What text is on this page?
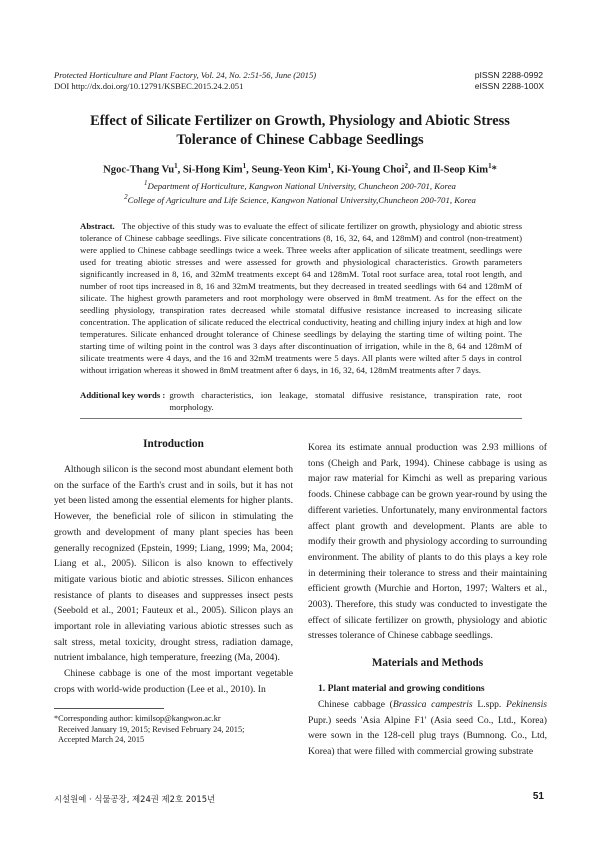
Protected Horticulture and Plant Factory, Vol. 24, No. 2:51-56, June (2015)
DOI http://dx.doi.org/10.12791/KSBEC.2015.24.2.051
pISSN 2288-0992
eISSN 2288-100X
Effect of Silicate Fertilizer on Growth, Physiology and Abiotic Stress
Tolerance of Chinese Cabbage Seedlings
Ngoc-Thang Vu$^1$, Si-Hong Kim$^1$, Seung-Yeon Kim$^1$, Ki-Young Choi$^2$, and Il-Seop Kim$^1$*
$^1$Department of Horticulture, Kangwon National University, Chuncheon 200-701, Korea
$^2$College of Agriculture and Life Science, Kangwon National University,Chuncheon 200-701, Korea
Abstract. The objective of this study was to evaluate the effect of silicate fertilizer on growth, physiology and abiotic stress tolerance of Chinese cabbage seedlings. Five silicate concentrations (8, 16, 32, 64, and 128mM) and control (non-treatment) were applied to Chinese cabbage seedlings twice a week. Three weeks after application of silicate treatment, seedlings were used for treating abiotic stresses and were assessed for growth and physiological characteristics. Growth parameters significantly increased in 8, 16, and 32mM treatments except 64 and 128mM. Total root surface area, total root length, and number of root tips increased in 8, 16 and 32mM treatments, but they decreased in treated seedlings with 64 and 128mM of silicate. The highest growth parameters and root morphology were observed in 8mM treatment. As for the effect on the seedling physiology, transpiration rates decreased while stomatal diffusive resistance increased to increasing silicate concentration. The application of silicate reduced the electrical conductivity, heating and chilling injury index at high and low temperatures. Silicate enhanced drought tolerance of Chinese seedlings by delaying the starting time of wilting point. The starting time of wilting point in the control was 3 days after discontinuation of irrigation, while in the 8, 64 and 128mM of silicate treatments were 4 days, and the 16 and 32mM treatments were 5 days. All plants were wilted after 5 days in control without irrigation whereas it showed in 8mM treatment after 6 days, in 16, 32, 64, 128mM treatments after 7 days.
Additional key words : growth characteristics, ion leakage, stomatal diffusive resistance, transpiration rate, root morphology.
Introduction

Although silicon is the second most abundant element both on the surface of the Earth's crust and in soils, but it has not yet been listed among the essential elements for higher plants. However, the beneficial role of silicon in stimulating the growth and development of many plant species has been generally recognized (Epstein, 1999; Liang, 1999; Ma, 2004; Liang et al., 2005). Silicon is also known to effectively mitigate various biotic and abiotic stresses. Silicon enhances resistance of plants to diseases and suppresses insect pests (Seebold et al., 2001; Fauteux et al., 2005). Silicon plays an important role in alleviating various abiotic stresses such as salt stress, metal toxicity, drought stress, radiation damage, nutrient imbalance, high temperature, freezing (Ma, 2004).

Chinese cabbage is one of the most important vegetable crops with world-wide production (Lee et al., 2010). In

Korea its estimate annual production was 2.93 millions of tons (Cheigh and Park, 1994). Chinese cabbage is using as major raw material for Kimchi as well as preparing various foods. Chinese cabbage can be grown year-round by using the different varieties. Unfortunately, many environmental factors affect plant growth and development. Plants are able to modify their growth and physiology according to surrounding environment. The ability of plants to do this plays a key role in determining their tolerance to stress and their maintaining efficient growth (Murchie and Horton, 1997; Walters et al., 2003). Therefore, this study was conducted to investigate the effect of silicate fertilizer on growth, physiology and abiotic stresses tolerance of Chinese cabbage seedlings.

Materials and Methods
1. Plant material and growing conditions

Chinese cabbage (Brassica campestris L.spp. Pekinensis Pupr.) seeds 'Asia Alpine F1' (Asia seed Co., Ltd., Korea) were sown in the 128-cell plug trays (Bumnong. Co., Ltd, Korea) that were filled with commercial growing substrate

*Corresponding author: kimilsop@kangwon.ac.kr
Received January 19, 2015; Revised February 24, 2015;
Accepted March 24, 2015
시설원예 · 식물공장, 제24권 제2호 2015년	51
